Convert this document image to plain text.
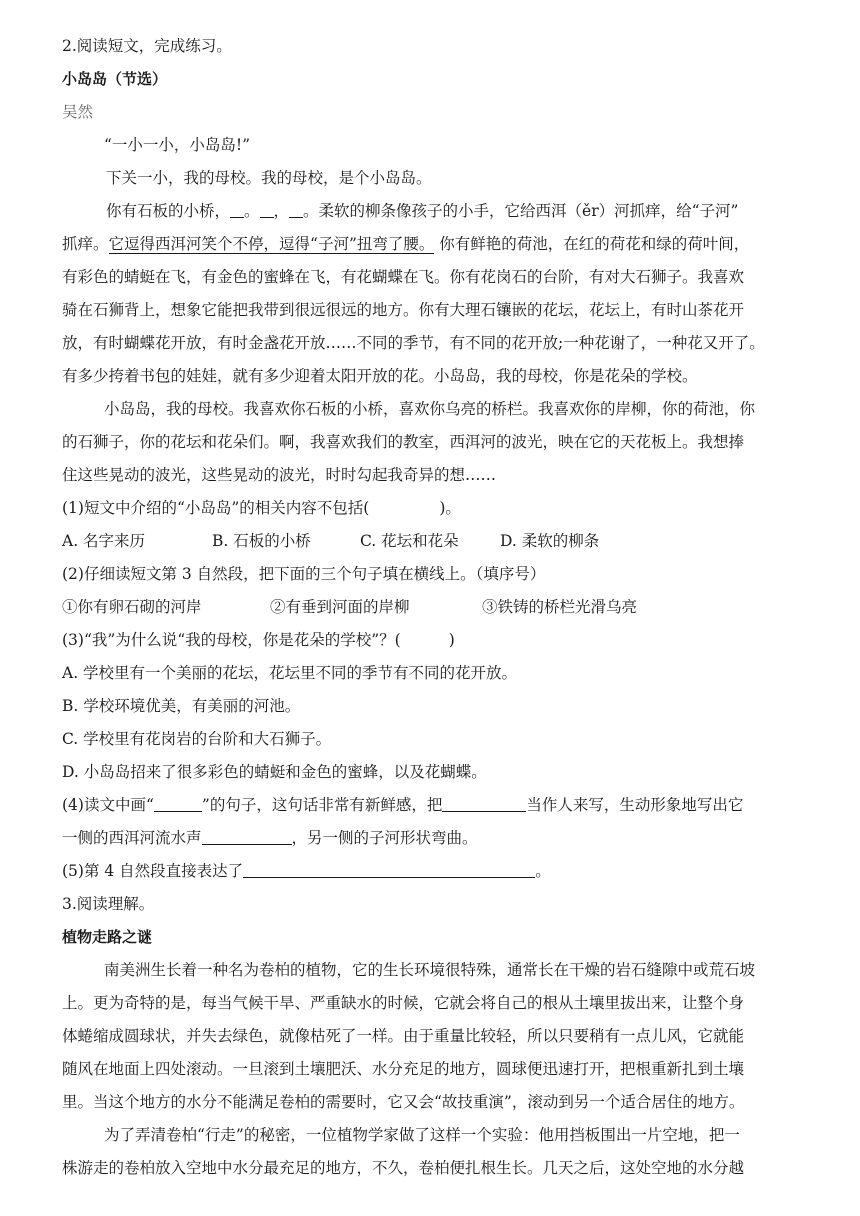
2.阅读短文，完成练习。
小岛岛（节选）
吴然
“一小一小，小岛岛!”
下关一小，我的母校。我的母校，是个小岛岛。
你有石板的小桥， 。 ， 。柔软的柳条像孩子的小手，它给西洱（ěr）河抓痒，给“子河”
抓痒。它逗得西洱河笑个不停，逗得“子河”扭弯了腰。 你有鲜艳的荷池，在红的荷花和绿的荷叶间，
有彩色的蜻蜓在飞，有金色的蜜蜂在飞，有花蝴蝶在飞。你有花岗石的台阶，有对大石狮子。我喜欢
骑在石狮背上，想象它能把我带到很远很远的地方。你有大理石镶嵌的花坛，花坛上，有时山茶花开
放，有时蝴蝶花开放，有时金盏花开放……不同的季节，有不同的花开放;一种花谢了，一种花又开了。
有多少挎着书包的娃娃，就有多少迎着太阳开放的花。小岛岛，我的母校，你是花朵的学校。
小岛岛，我的母校。我喜欢你石板的小桥，喜欢你乌亮的桥栏。我喜欢你的岸柳，你的荷池，你
的石狮子，你的花坛和花朵们。啊，我喜欢我们的教室，西洱河的波光，映在它的天花板上。我想捧
住这些晃动的波光，这些晃动的波光，时时勾起我奇异的想……
(1)短文中介绍的“小岛岛”的相关内容不包括(	)。
A. 名字来历	B. 石板的小桥	C. 花坛和花朵	D. 柔软的柳条
(2)仔细读短文第 3 自然段，把下面的三个句子填在横线上。（填序号）
①你有卵石砌的河岸	②有垂到河面的岸柳	③铁铸的桥栏光滑乌亮
(3)“我”为什么说“我的母校，你是花朵的学校”？(	)
A. 学校里有一个美丽的花坛，花坛里不同的季节有不同的花开放。
B. 学校环境优美，有美丽的河池。
C. 学校里有花岗岩的台阶和大石狮子。
D. 小岛岛招来了很多彩色的蜻蜓和金色的蜜蜂，以及花蝴蝶。
(4)读文中画“	”的句子，这句话非常有新鲜感，把	当作人来写，生动形象地写出它
一侧的西洱河流水声	，另一侧的子河形状弯曲。
(5)第 4 自然段直接表达了	。
3.阅读理解。
植物走路之谜
南美洲生长着一种名为卷柏的植物，它的生长环境很特殊，通常长在干燥的岩石缝隙中或荒石坡
上。更为奇特的是，每当气候干旱、严重缺水的时候，它就会将自己的根从土壤里拔出来，让整个身
体蜷缩成圆球状，并失去绿色，就像枯死了一样。由于重量比较轻，所以只要稍有一点儿风，它就能
随风在地面上四处滚动。一旦滚到土壤肥沃、水分充足的地方，圆球便迅速打开，把根重新扎到土壤
里。当这个地方的水分不能满足卷柏的需要时，它又会“故技重演”，滚动到另一个适合居住的地方。
为了弄清卷柏“行走”的秘密，一位植物学家做了这样一个实验：他用挡板围出一片空地，把一
株游走的卷柏放入空地中水分最充足的地方，不久，卷柏便扎根生长。几天之后，这处空地的水分越
